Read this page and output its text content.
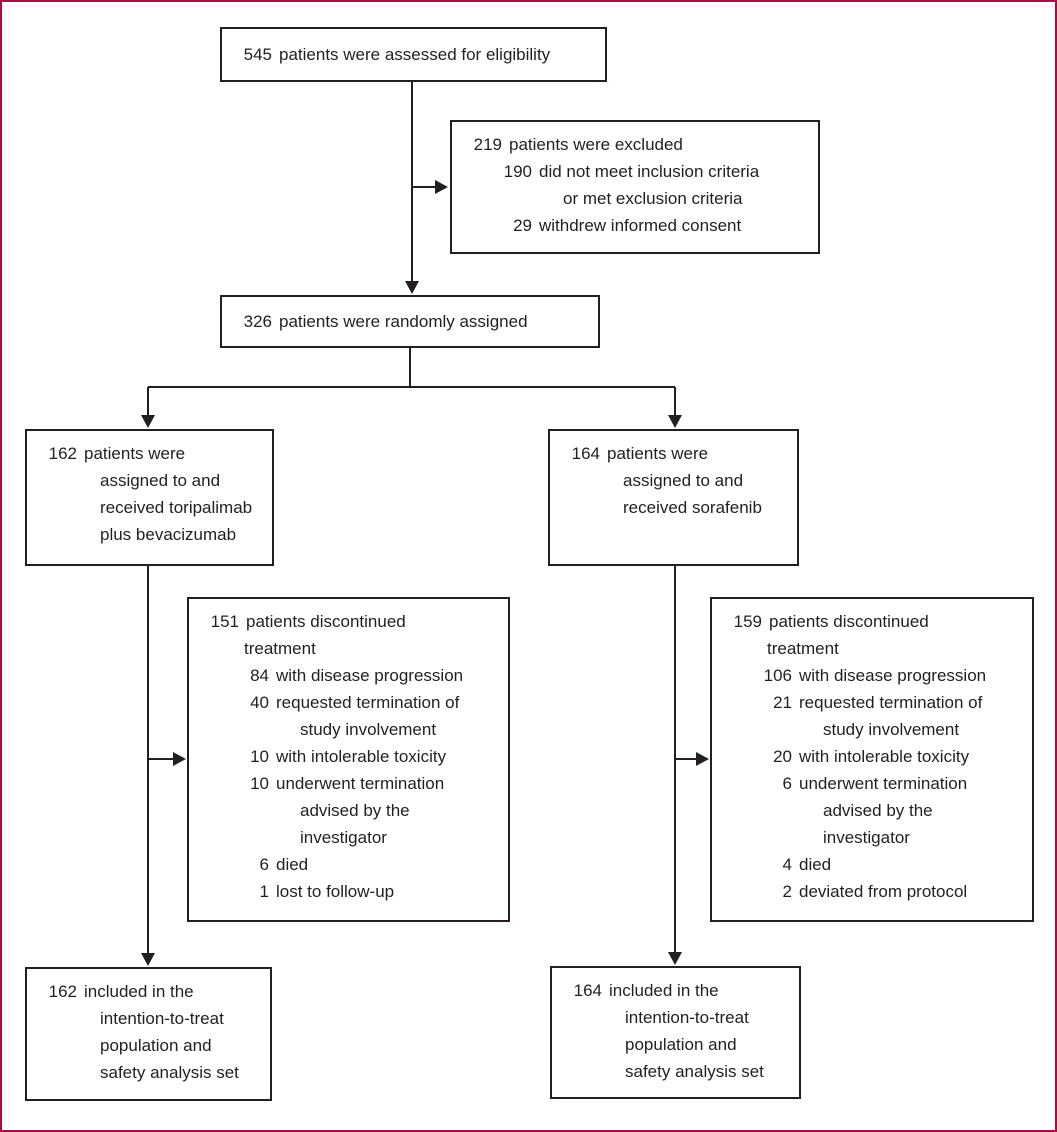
545 patients were assessed for eligibility
219 patients were excluded
190 did not meet inclusion criteria
or met exclusion criteria
29 withdrew informed consent
326 patients were randomly assigned
162 patients were
assigned to and
received toripalimab
plus bevacizumab
164 patients were
assigned to and
received sorafenib
151 patients discontinued
treatment
84 with disease progression
40 requested termination of
study involvement
10 with intolerable toxicity
10 underwent termination
advised by the
investigator
6 died
1 lost to follow-up
159 patients discontinued
treatment
106 with disease progression
21 requested termination of
study involvement
20 with intolerable toxicity
6 underwent termination
advised by the
investigator
4 died
2 deviated from protocol
162 included in the
intention-to-treat
population and
safety analysis set
164 included in the
intention-to-treat
population and
safety analysis set
